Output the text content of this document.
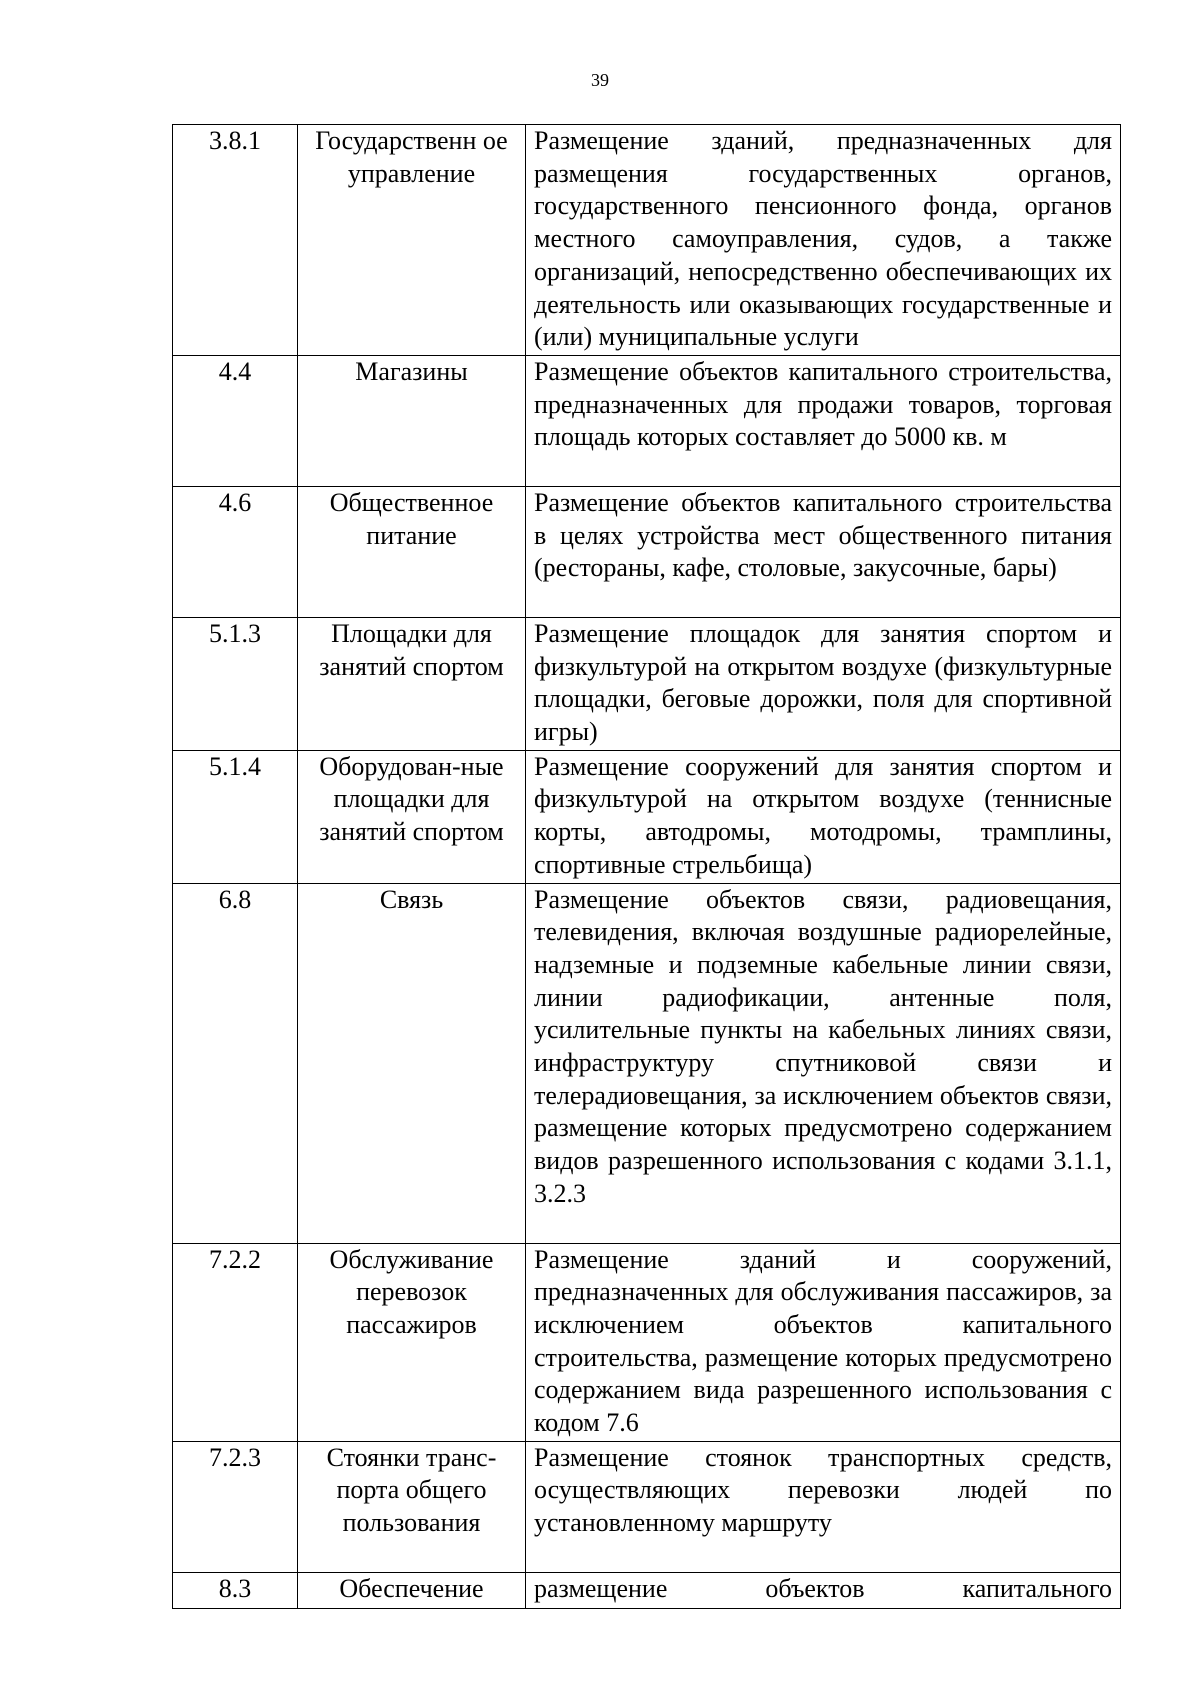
39
3.8.1	Государственн ое управление	Размещение зданий, предназначенных для размещения государственных органов, государственного пенсионного фонда, органов местного самоуправления, судов, а также организаций, непосредственно обеспечивающих их деятельность или оказывающих государственные и (или) муниципальные услуги
4.4	Магазины	Размещение объектов капитального строительства, предназначенных для продажи товаров, торговая площадь которых составляет до 5000 кв. м
4.6	Общественное питание	Размещение объектов капитального строительства в целях устройства мест общественного питания (рестораны, кафе, столовые, закусочные, бары)
5.1.3	Площадки для занятий спортом	Размещение площадок для занятия спортом и физкультурой на открытом воздухе (физкультурные площадки, беговые дорожки, поля для спортивной игры)
5.1.4	Оборудован-ные площадки для занятий спортом	Размещение сооружений для занятия спортом и физкультурой на открытом воздухе (теннисные корты, автодромы, мотодромы, трамплины, спортивные стрельбища)
6.8	Связь	Размещение объектов связи, радиовещания, телевидения, включая воздушные радиорелейные, надземные и подземные кабельные линии связи, линии радиофикации, антенные поля, усилительные пункты на кабельных линиях связи, инфраструктуру спутниковой связи и телерадиовещания, за исключением объектов связи, размещение которых предусмотрено содержанием видов разрешенного использования с кодами 3.1.1, 3.2.3
7.2.2	Обслуживание перевозок пассажиров	Размещение зданий и сооружений, предназначенных для обслуживания пассажиров, за исключением объектов капитального строительства, размещение которых предусмотрено содержанием вида разрешенного использования с кодом 7.6
7.2.3	Стоянки транс-порта общего пользования	Размещение стоянок транспортных средств, осуществляющих перевозки людей по установленному маршруту
8.3	Обеспечение	размещение объектов капитального
